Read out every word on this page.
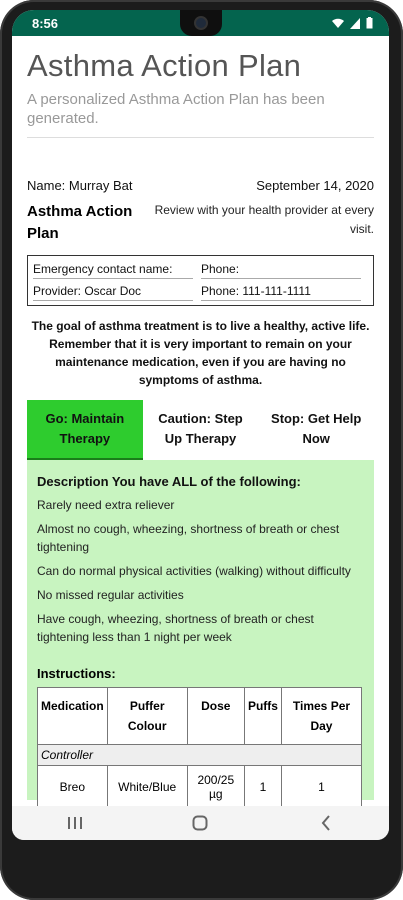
8:56
Asthma Action Plan

A personalized Asthma Action Plan has been generated.

Name: Murray Bat	September 14, 2020
Asthma Action Plan
Review with your health provider at every visit.
Emergency contact name:	Phone:
Provider: Oscar Doc	Phone: 111-111-1111

The goal of asthma treatment is to live a healthy, active life. Remember that it is very important to remain on your maintenance medication, even if you are having no symptoms of asthma.

Go: Maintain Therapy
Caution: Step Up Therapy
Stop: Get Help Now
Description You have ALL of the following:
Rarely need extra reliever
Almost no cough, wheezing, shortness of breath or chest tightening
Can do normal physical activities (walking) without difficulty
No missed regular activities
Have cough, wheezing, shortness of breath or chest tightening less than 1 night per week
Instructions:
Medication	Puffer Colour	Dose	Puffs	Times Per Day
Controller				
Breo	White/Blue	200/25 µg	1	1
